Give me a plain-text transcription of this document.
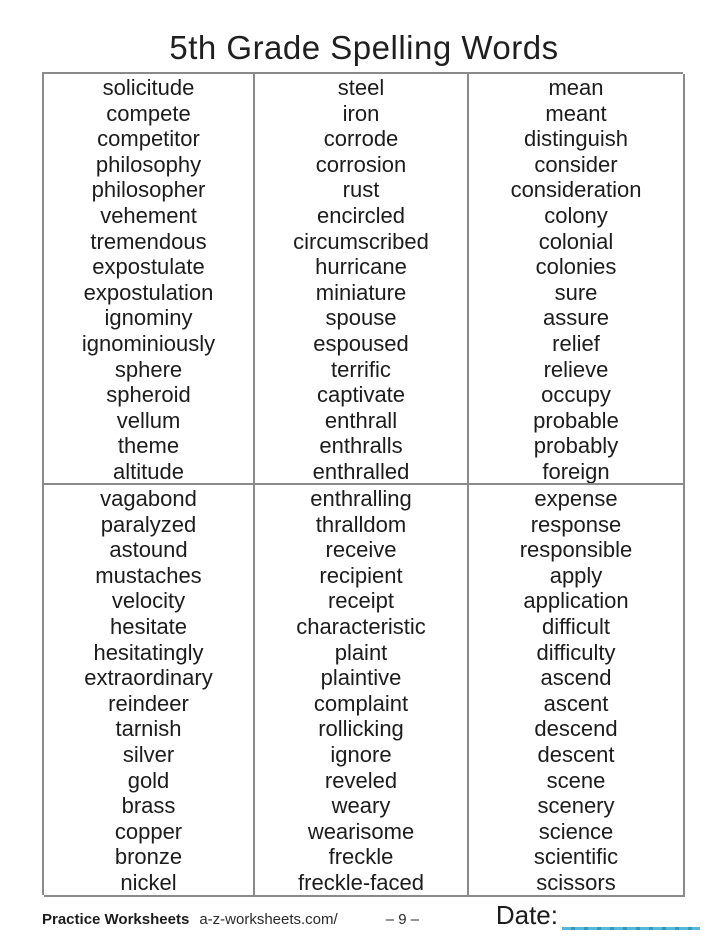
5th Grade Spelling Words
solicitude
compete
competitor
philosophy
philosopher
vehement
tremendous
expostulate
expostulation
ignominy
ignominiously
sphere
spheroid
vellum
theme
altitude
steel
iron
corrode
corrosion
rust
encircled
circumscribed
hurricane
miniature
spouse
espoused
terrific
captivate
enthrall
enthralls
enthralled
mean
meant
distinguish
consider
consideration
colony
colonial
colonies
sure
assure
relief
relieve
occupy
probable
probably
foreign
vagabond
paralyzed
astound
mustaches
velocity
hesitate
hesitatingly
extraordinary
reindeer
tarnish
silver
gold
brass
copper
bronze
nickel
enthralling
thralldom
receive
recipient
receipt
characteristic
plaint
plaintive
complaint
rollicking
ignore
reveled
weary
wearisome
freckle
freckle-faced
expense
response
responsible
apply
application
difficult
difficulty
ascend
ascent
descend
descent
scene
scenery
science
scientific
scissors
Practice Worksheets a-z-worksheets.com/	– 9 –	Date:
